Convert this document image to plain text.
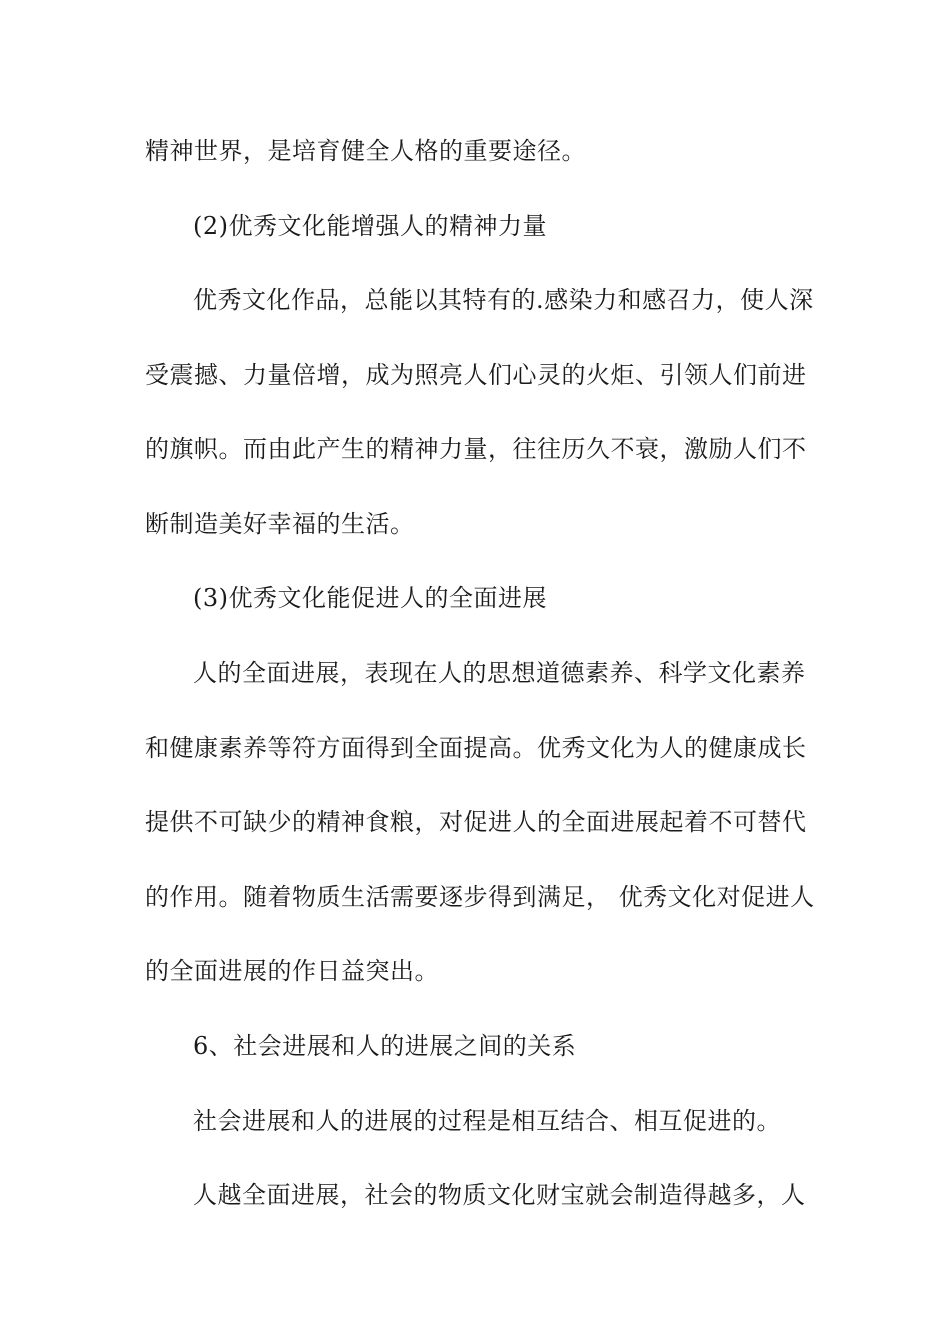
精神世界，是培育健全人格的重要途径。
(2)优秀文化能增强人的精神力量
优秀文化作品，总能以其特有的.感染力和感召力，使人深
受震撼、力量倍增，成为照亮人们心灵的火炬、引领人们前进
的旗帜。而由此产生的精神力量，往往历久不衰，激励人们不
断制造美好幸福的生活。
(3)优秀文化能促进人的全面进展
人的全面进展，表现在人的思想道德素养、科学文化素养
和健康素养等符方面得到全面提高。优秀文化为人的健康成长
提供不可缺少的精神食粮，对促进人的全面进展起着不可替代
的作用。随着物质生活需要逐步得到满足， 优秀文化对促进人
的全面进展的作日益突出。
6、社会进展和人的进展之间的关系
社会进展和人的进展的过程是相互结合、相互促进的。
人越全面进展，社会的物质文化财宝就会制造得越多，人
